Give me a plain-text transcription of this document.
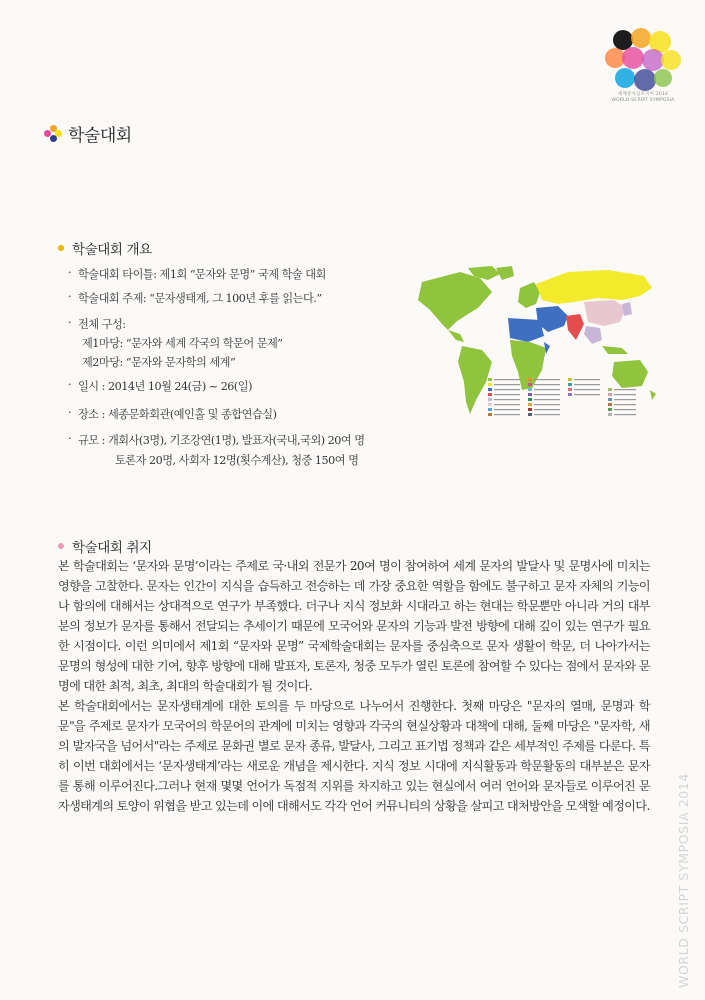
세계문자심포지아 2014
WORLD SCRIPT SYMPOSIA
학술대회
학술대회 개요
· 학술대회 타이틀: 제1회 “문자와 문명” 국제 학술 대회
· 학술대회 주제: “문자생태계, 그 100년 후를 읽는다.”
· 전체 구성:
제1마당: “문자와 세계 각국의 학문어 문제”
제2마당: “문자와 문자학의 세계”
· 일시 : 2014년 10월 24(금) ~ 26(일)
· 장소 : 세종문화회관(예인홀 및 종합연습실)
· 규모 : 개회사(3명), 기조강연(1명), 발표자(국내,국외) 20여 명
토론자 20명, 사회자 12명(횟수계산), 청중 150여 명
학술대회 취지

본 학술대회는 ‘문자와 문명’이라는 주제로 국·내외 전문가 20여 명이 참여하여 세계 문자의 발달사 및 문명사에 미치는 영향을 고찰한다. 문자는 인간이 지식을 습득하고 전승하는 데 가장 중요한 역할을 함에도 불구하고 문자 자체의 기능이나 함의에 대해서는 상대적으로 연구가 부족했다. 더구나 지식 정보화 시대라고 하는 현대는 학문뿐만 아니라 거의 대부분의 정보가 문자를 통해서 전달되는 추세이기 때문에 모국어와 문자의 기능과 발전 방향에 대해 깊이 있는 연구가 필요한 시점이다. 이런 의미에서 제1회 “문자와 문명” 국제학술대회는 문자를 중심축으로 문자 생활이 학문, 더 나아가서는 문명의 형성에 대한 기여, 향후 방향에 대해 발표자, 토론자, 청중 모두가 열린 토론에 참여할 수 있다는 점에서 문자와 문명에 대한 최적, 최초, 최대의 학술대회가 될 것이다.

본 학술대회에서는 문자생태계에 대한 토의를 두 마당으로 나누어서 진행한다. 첫째 마당은 "문자의 열매, 문명과 학문"을 주제로 문자가 모국어의 학문어의 관계에 미치는 영향과 각국의 현실상황과 대책에 대해, 둘째 마당은 "문자학, 새의 발자국을 넘어서"라는 주제로 문화권 별로 문자 종류, 발달사, 그리고 표기법 정책과 같은 세부적인 주제를 다룬다. 특히 이번 대회에서는 ‘문자생태계’라는 새로운 개념을 제시한다. 지식 정보 시대에 지식활동과 학문활동의 대부분은 문자를 통해 이루어진다.그러나 현재 몇몇 언어가 독점적 지위를 차지하고 있는 현실에서 여러 언어와 문자들로 이루어진 문자생태계의 토양이 위협을 받고 있는데 이에 대해서도 각각 언어 커뮤니티의 상황을 살피고 대처방안을 모색할 예정이다. WORLD SCRIPT SYMPOSIA 2014
